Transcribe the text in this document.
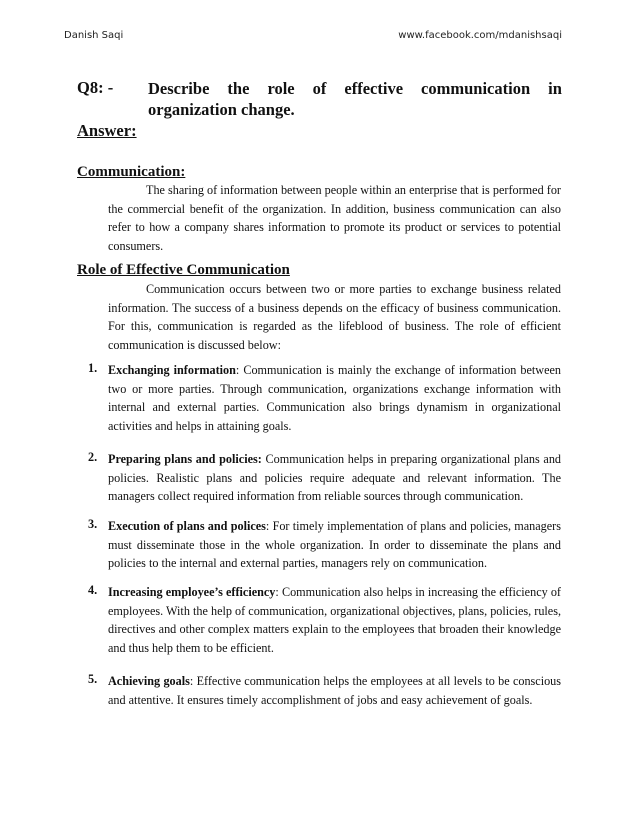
Danish Saqi	www.facebook.com/mdanishsaqi
Q8: - Describe the role of effective communication in
organization change.
Answer:
Communication:

The sharing of information between people within an enterprise that is performed for the commercial benefit of the organization. In addition, business communication can also refer to how a company shares information to promote its product or services to potential consumers.

Role of Effective Communication

Communication occurs between two or more parties to exchange business related information. The success of a business depends on the efficacy of business communication. For this, communication is regarded as the lifeblood of business. The role of efficient communication is discussed below:

1. Exchanging information: Communication is mainly the exchange of information between two or more parties. Through communication, organizations exchange information with internal and external parties. Communication also brings dynamism in organizational activities and helps in attaining goals.

2. Preparing plans and policies: Communication helps in preparing organizational plans and policies. Realistic plans and policies require adequate and relevant information. The managers collect required information from reliable sources through communication.

3. Execution of plans and polices: For timely implementation of plans and policies, managers must disseminate those in the whole organization. In order to disseminate the plans and policies to the internal and external parties, managers rely on communication.

4. Increasing employee’s efficiency: Communication also helps in increasing the efficiency of employees. With the help of communication, organizational objectives, plans, policies, rules, directives and other complex matters explain to the employees that broaden their knowledge and thus help them to be efficient.

5. Achieving goals: Effective communication helps the employees at all levels to be conscious and attentive. It ensures timely accomplishment of jobs and easy achievement of goals.
